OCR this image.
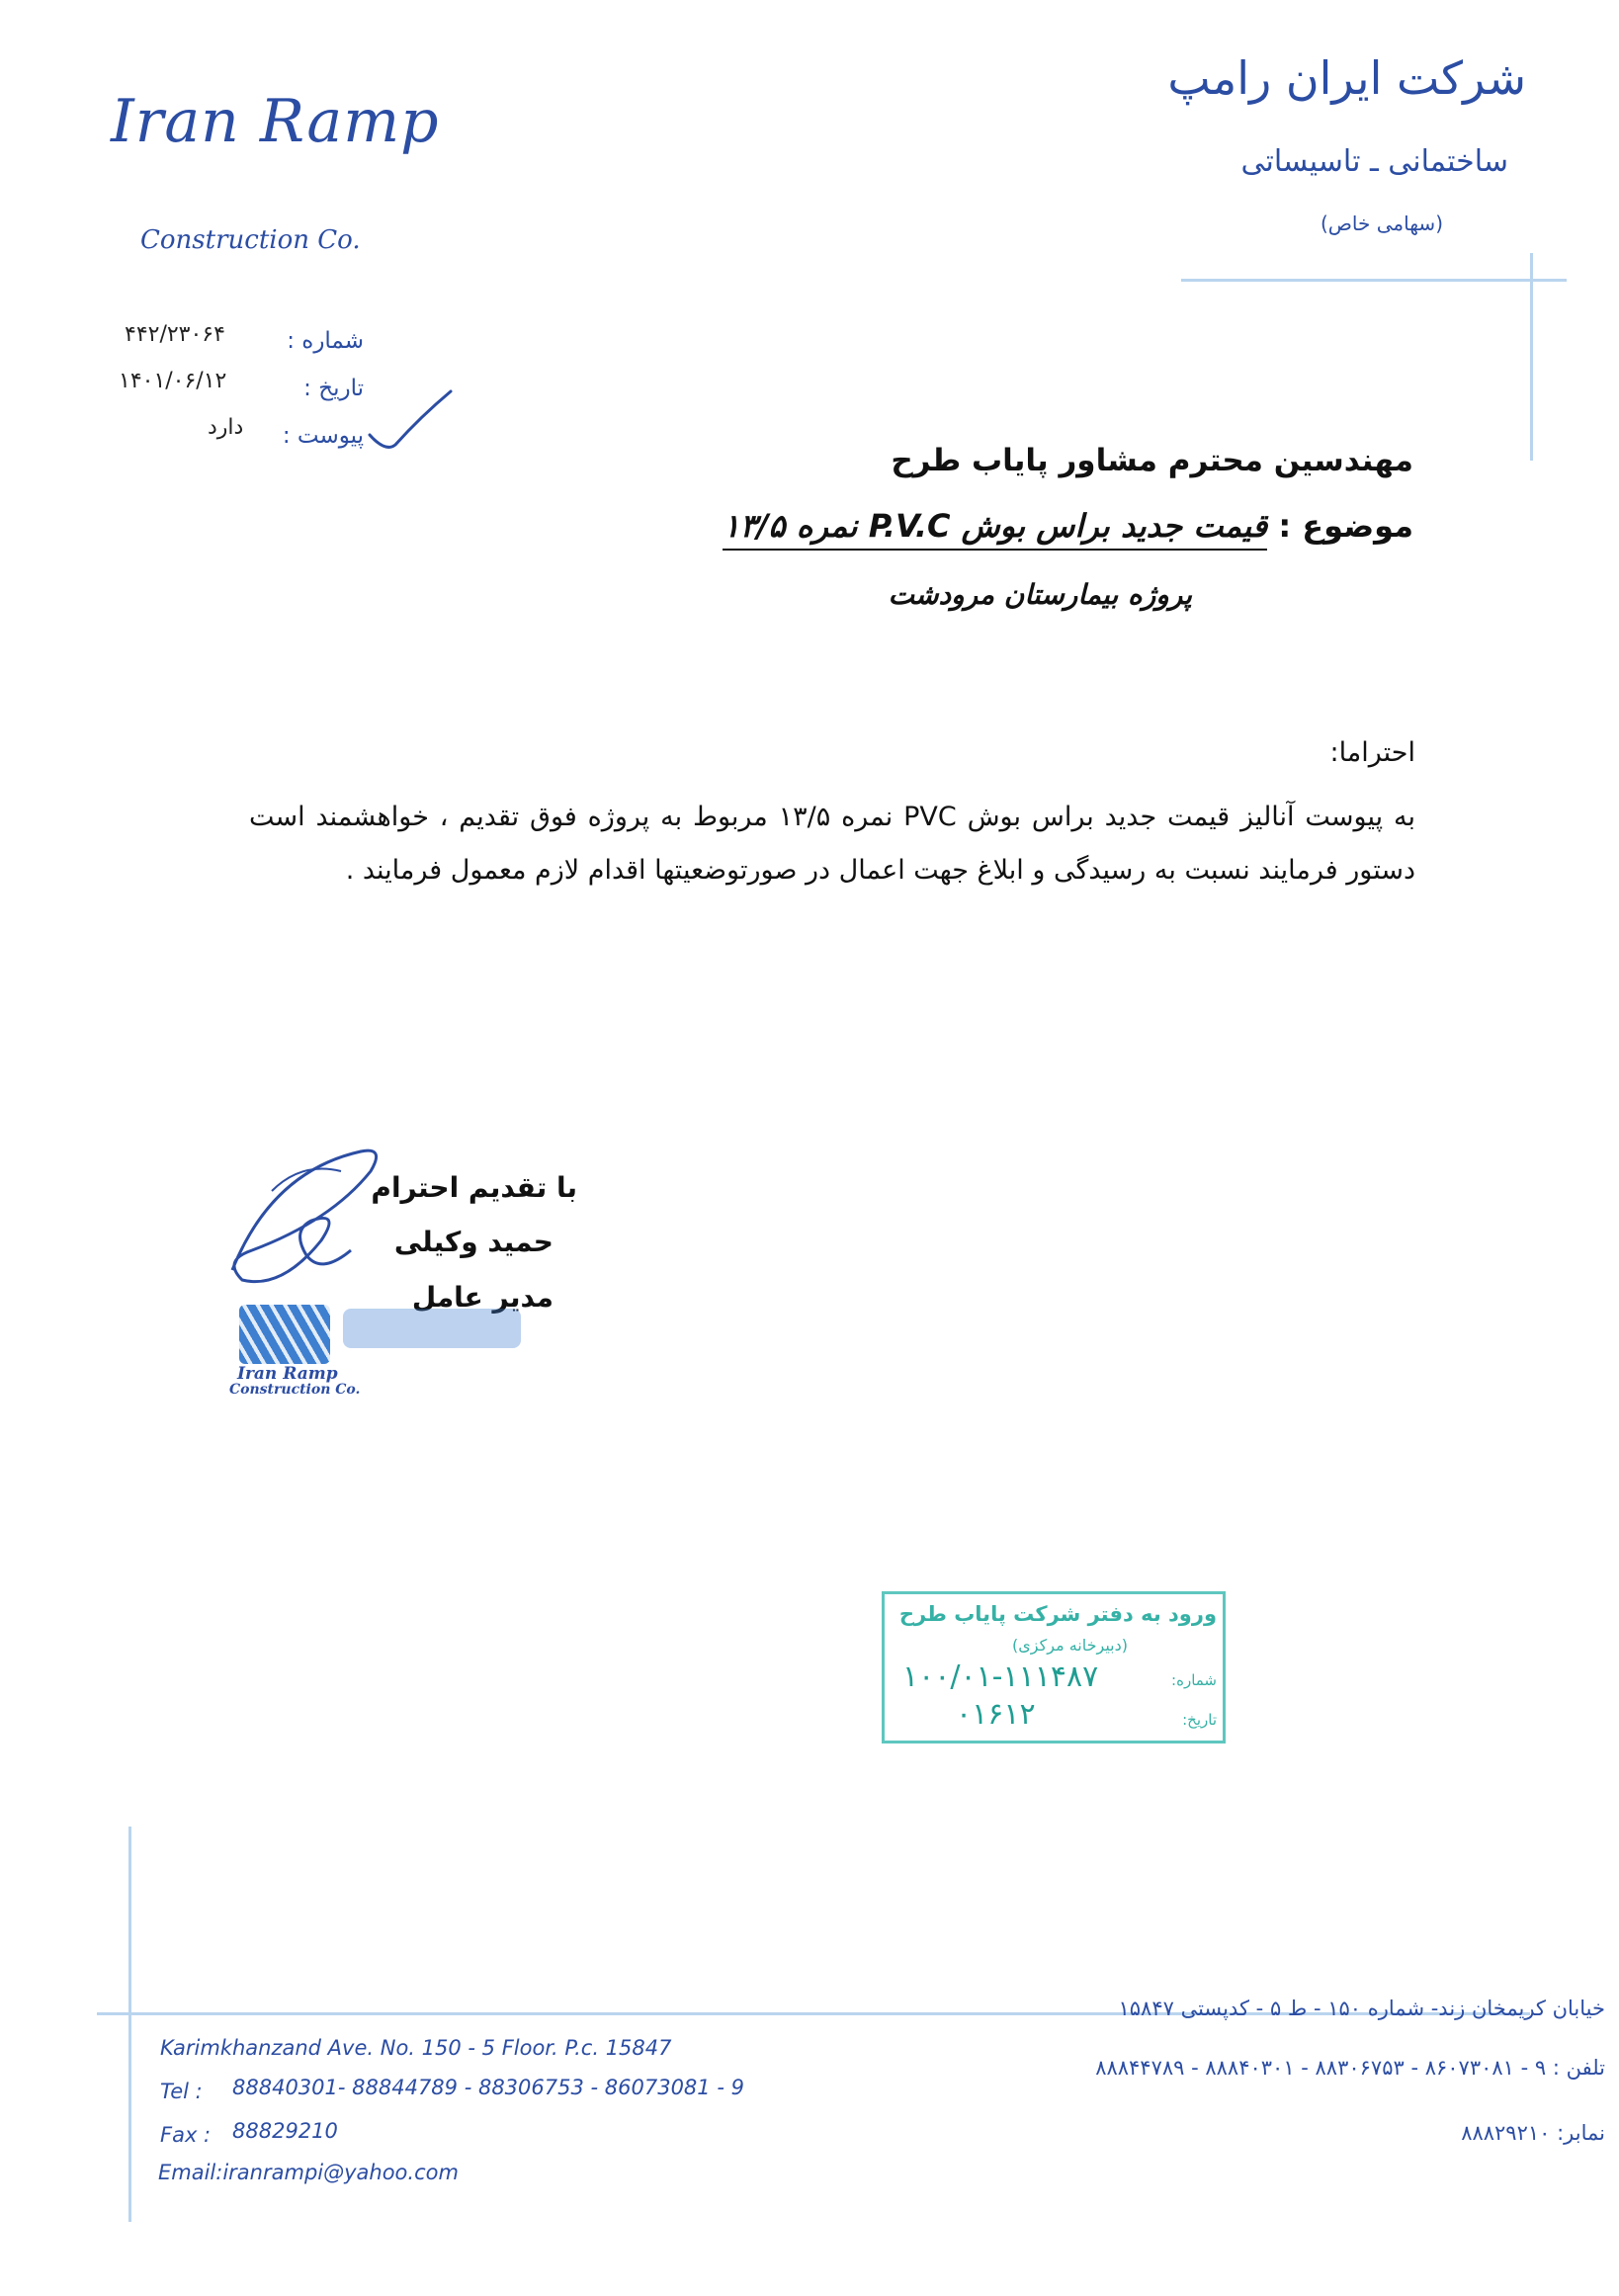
Iran Ramp
Construction Co.
شرکت ایران رامپ
ساختمانی ـ تاسیساتی
(سهامی خاص)
شماره :
۴۴۲/۲۳۰۶۴
تاریخ :
۱۴۰۱/۰۶/۱۲
پیوست :
دارد
مهندسین محترم مشاور پایاب طرح
موضوع : قیمت جدید براس بوش P.V.C نمره ۱۳/۵
پروژه بیمارستان مرودشت
احتراما:
به پیوست آنالیز قیمت جدید براس بوش PVC نمره ۱۳/۵ مربوط به پروژه فوق تقدیم ، خواهشمند است دستور فرمایند نسبت به رسیدگی و ابلاغ جهت اعمال در صورتوضعیتها اقدام لازم معمول فرمایند .
با تقدیم احترام
حمید وکیلی
مدیر عامل
Iran Ramp
Construction Co.
ورود به دفتر شرکت پایاب طرح
(دبیرخانه مرکزی)
شماره:
۱۰۰/۰۱-۱۱۱۴۸۷
تاریخ:
۰۱۶۱۲
Karimkhanzand Ave. No. 150 - 5 Floor. P.c. 15847
Tel : 88840301- 88844789 - 88306753 - 86073081 - 9
Fax : 88829210
Email:iranrampi@yahoo.com
خیابان کریمخان زند- شماره ۱۵۰ - ط ۵ - کدپستی ۱۵۸۴۷
تلفن : ۹ - ۸۶۰۷۳۰۸۱ - ۸۸۳۰۶۷۵۳ - ۸۸۸۴۰۳۰۱ - ۸۸۸۴۴۷۸۹
نمابر: ۸۸۸۲۹۲۱۰
